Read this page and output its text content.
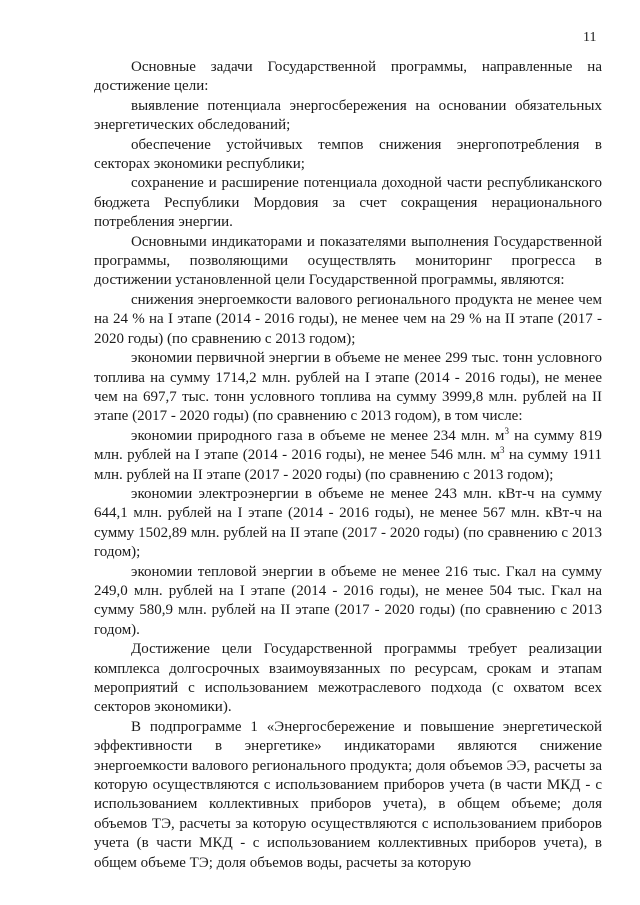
11

Основные задачи Государственной программы, направленные на достижение цели:

выявление потенциала энергосбережения на основании обязательных энергетических обследований;

обеспечение устойчивых темпов снижения энергопотребления в секторах экономики республики;

сохранение и расширение потенциала доходной части республиканского бюджета Республики Мордовия за счет сокращения нерационального потребления энергии.

Основными индикаторами и показателями выполнения Государственной программы, позволяющими осуществлять мониторинг прогресса в достижении установленной цели Государственной программы, являются:

снижения энергоемкости валового регионального продукта не менее чем на 24 % на I этапе (2014 - 2016 годы), не менее чем на 29 % на II этапе (2017 - 2020 годы) (по сравнению с 2013 годом);

экономии первичной энергии в объеме не менее 299 тыс. тонн условного топлива на сумму 1714,2 млн. рублей на I этапе (2014 - 2016 годы), не менее чем на 697,7 тыс. тонн условного топлива на сумму 3999,8 млн. рублей на II этапе (2017 - 2020 годы) (по сравнению с 2013 годом), в том числе:

экономии природного газа в объеме не менее 234 млн. $м^3$ на сумму 819 млн. рублей на I этапе (2014 - 2016 годы), не менее 546 млн. $м^3$ на сумму 1911 млн. рублей на II этапе (2017 - 2020 годы) (по сравнению с 2013 годом);

экономии электроэнергии в объеме не менее 243 млн. кВт-ч на сумму 644,1 млн. рублей на I этапе (2014 - 2016 годы), не менее 567 млн. кВт-ч на сумму 1502,89 млн. рублей на II этапе (2017 - 2020 годы) (по сравнению с 2013 годом);

экономии тепловой энергии в объеме не менее 216 тыс. Гкал на сумму 249,0 млн. рублей на I этапе (2014 - 2016 годы), не менее 504 тыс. Гкал на сумму 580,9 млн. рублей на II этапе (2017 - 2020 годы) (по сравнению с 2013 годом).

Достижение цели Государственной программы требует реализации комплекса долгосрочных взаимоувязанных по ресурсам, срокам и этапам мероприятий с использованием межотраслевого подхода (с охватом всех секторов экономики).

В подпрограмме 1 «Энергосбережение и повышение энергетической эффективности в энергетике» индикаторами являются снижение энергоемкости валового регионального продукта; доля объемов ЭЭ, расчеты за которую осуществляются с использованием приборов учета (в части МКД - с использованием коллективных приборов учета), в общем объеме; доля объемов ТЭ, расчеты за которую осуществляются с использованием приборов учета (в части МКД - с использованием коллективных приборов учета), в общем объеме ТЭ; доля объемов воды, расчеты за которую
